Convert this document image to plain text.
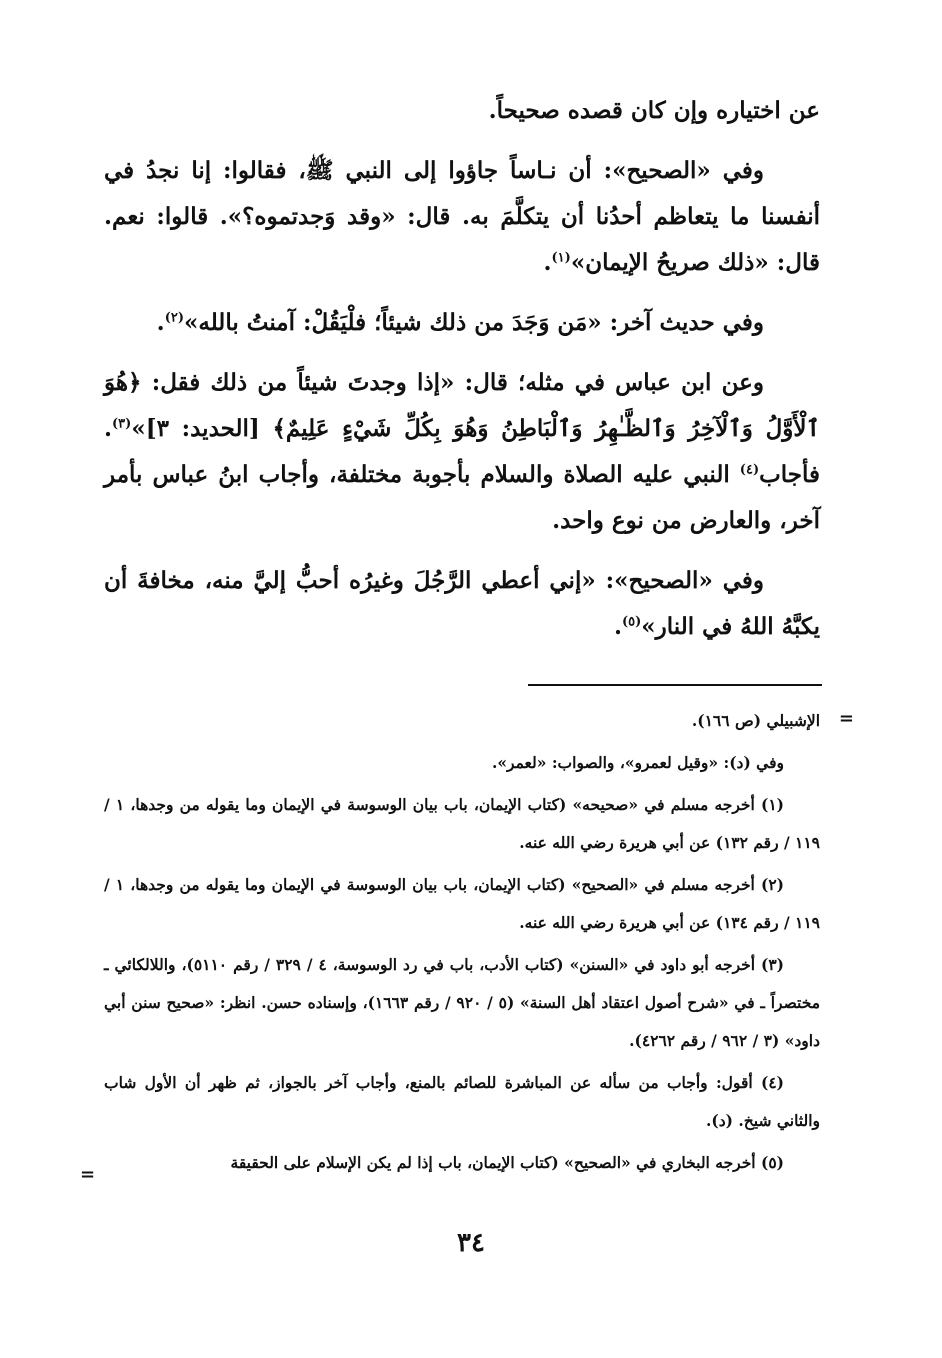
عن اختياره وإن كان قصده صحيحاً.

وفي «الصحيح»: أن نـاساً جاؤوا إلى النبي ﷺ، فقالوا: إنا نجدُ في أنفسنا ما يتعاظم أحدُنا أن يتكلَّمَ به. قال: «وقد وَجدتموه؟». قالوا: نعم. قال: «ذلك صريحُ الإيمان»$^{(١)}$.

وفي حديث آخر: «مَن وَجَدَ من ذلك شيئاً؛ فلْيَقُلْ: آمنتُ بالله»$^{(٢)}$.

وعن ابن عباس في مثله؛ قال: «إذا وجدتَ شيئاً من ذلك فقل: ﴿هُوَ ٱلْأَوَّلُ وَٱلْآخِرُ وَٱلظَّـٰهِرُ وَٱلْبَاطِنُ وَهُوَ بِكُلِّ شَيْءٍ عَلِيمٌ﴾ [الحديد: ٣]»$^{(٣)}$. فأجاب$^{(٤)}$ النبي عليه الصلاة والسلام بأجوبة مختلفة، وأجاب ابنُ عباس بأمر آخر، والعارض من نوع واحد.

وفي «الصحيح»: «إني أعطي الرَّجُلَ وغيرُه أحبُّ إليَّ منه، مخافةَ أن يكبَّهُ اللهُ في النار»$^{(٥)}$.

=

الإشبيلي (ص ١٦٦).

وفي (د): «وقيل لعمرو»، والصواب: «لعمر».

(١) أخرجه مسلم في «صحيحه» (كتاب الإيمان، باب بيان الوسوسة في الإيمان وما يقوله من وجدها، ١ / ١١٩ / رقم ١٣٢) عن أبي هريرة رضي الله عنه.

(٢) أخرجه مسلم في «الصحيح» (كتاب الإيمان، باب بيان الوسوسة في الإيمان وما يقوله من وجدها، ١ / ١١٩ / رقم ١٣٤) عن أبي هريرة رضي الله عنه.

(٣) أخرجه أبو داود في «السنن» (كتاب الأدب، باب في رد الوسوسة، ٤ / ٣٢٩ / رقم ٥١١٠)، واللالكائي ـ مختصراً ـ في «شرح أصول اعتقاد أهل السنة» (٥ / ٩٢٠ / رقم ١٦٦٣)، وإسناده حسن. انظر: «صحيح سنن أبي داود» (٣ / ٩٦٢ / رقم ٤٢٦٢).

(٤) أقول: وأجاب من سأله عن المباشرة للصائم بالمنع، وأجاب آخر بالجواز، ثم ظهر أن الأول شاب والثاني شيخ. (د).

(٥) أخرجه البخاري في «الصحيح» (كتاب الإيمان، باب إذا لم يكن الإسلام على الحقيقة

=
٣٤
